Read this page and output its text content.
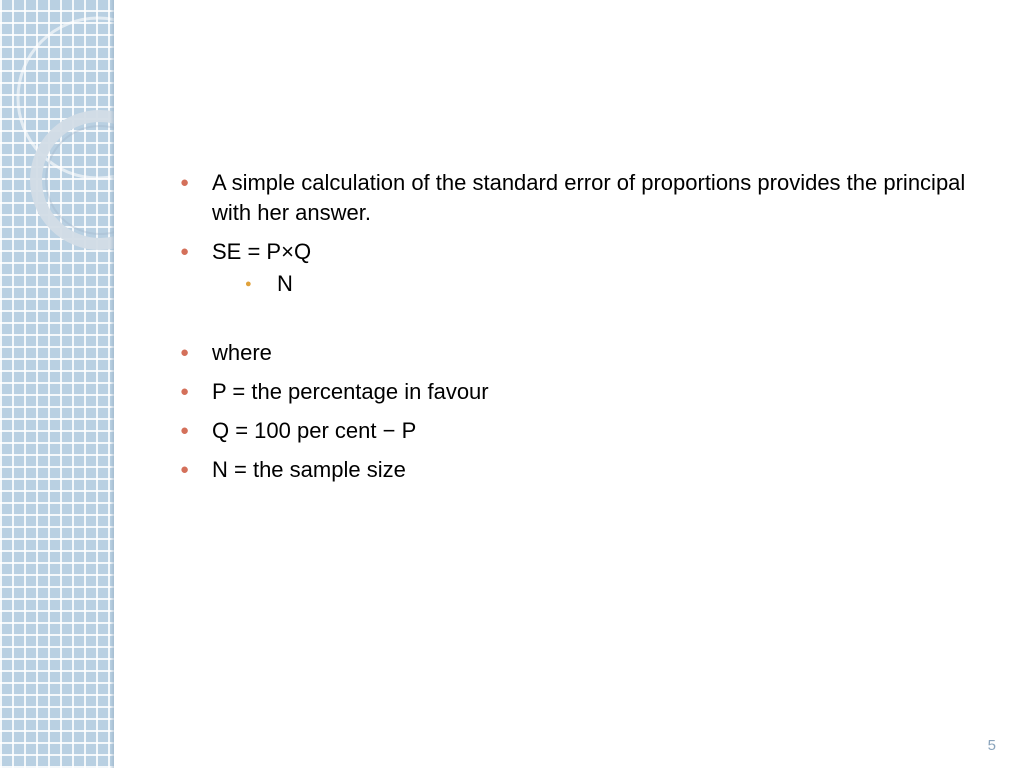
● A simple calculation of the standard error of proportions provides the principal with her answer.
● SE = P×Q
● N
● where
● P = the percentage in favour
● Q = 100 per cent − P
● N = the sample size
5
